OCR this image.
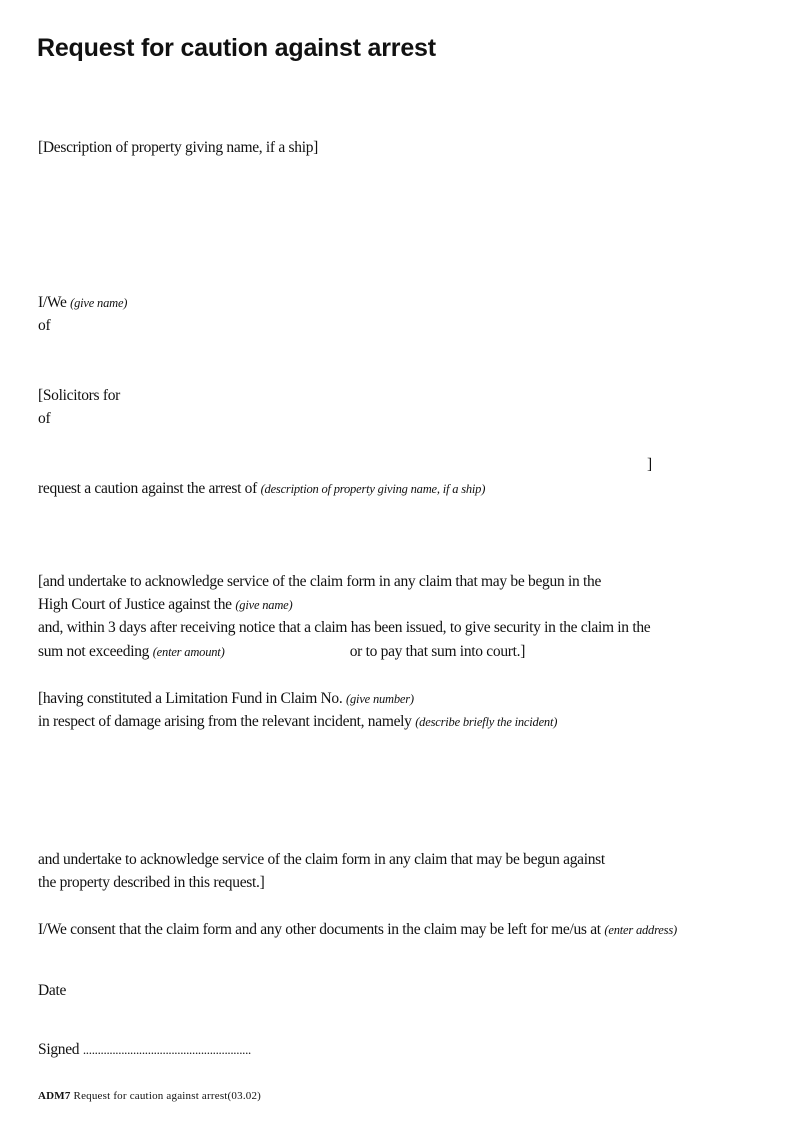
Request for caution against arrest
[Description of property giving name, if a ship]
I/We (give name)
of
[Solicitors for
of
]
request a caution against the arrest of (description of property giving name, if a ship)
[and undertake to acknowledge service of the claim form in any claim that may be begun in the
High Court of Justice against the (give name)
and, within 3 days after receiving notice that a claim has been issued, to give security in the claim in the
sum not exceeding (enter amount)	or to pay that sum into court.]
[having constituted a Limitation Fund in Claim No. (give number)
in respect of damage arising from the relevant incident, namely (describe briefly the incident)
and undertake to acknowledge service of the claim form in any claim that may be begun against
the property described in this request.]
I/We consent that the claim form and any other documents in the claim may be left for me/us at (enter address)
Date
Signed .........................................................
ADM7 Request for caution against arrest(03.02)
